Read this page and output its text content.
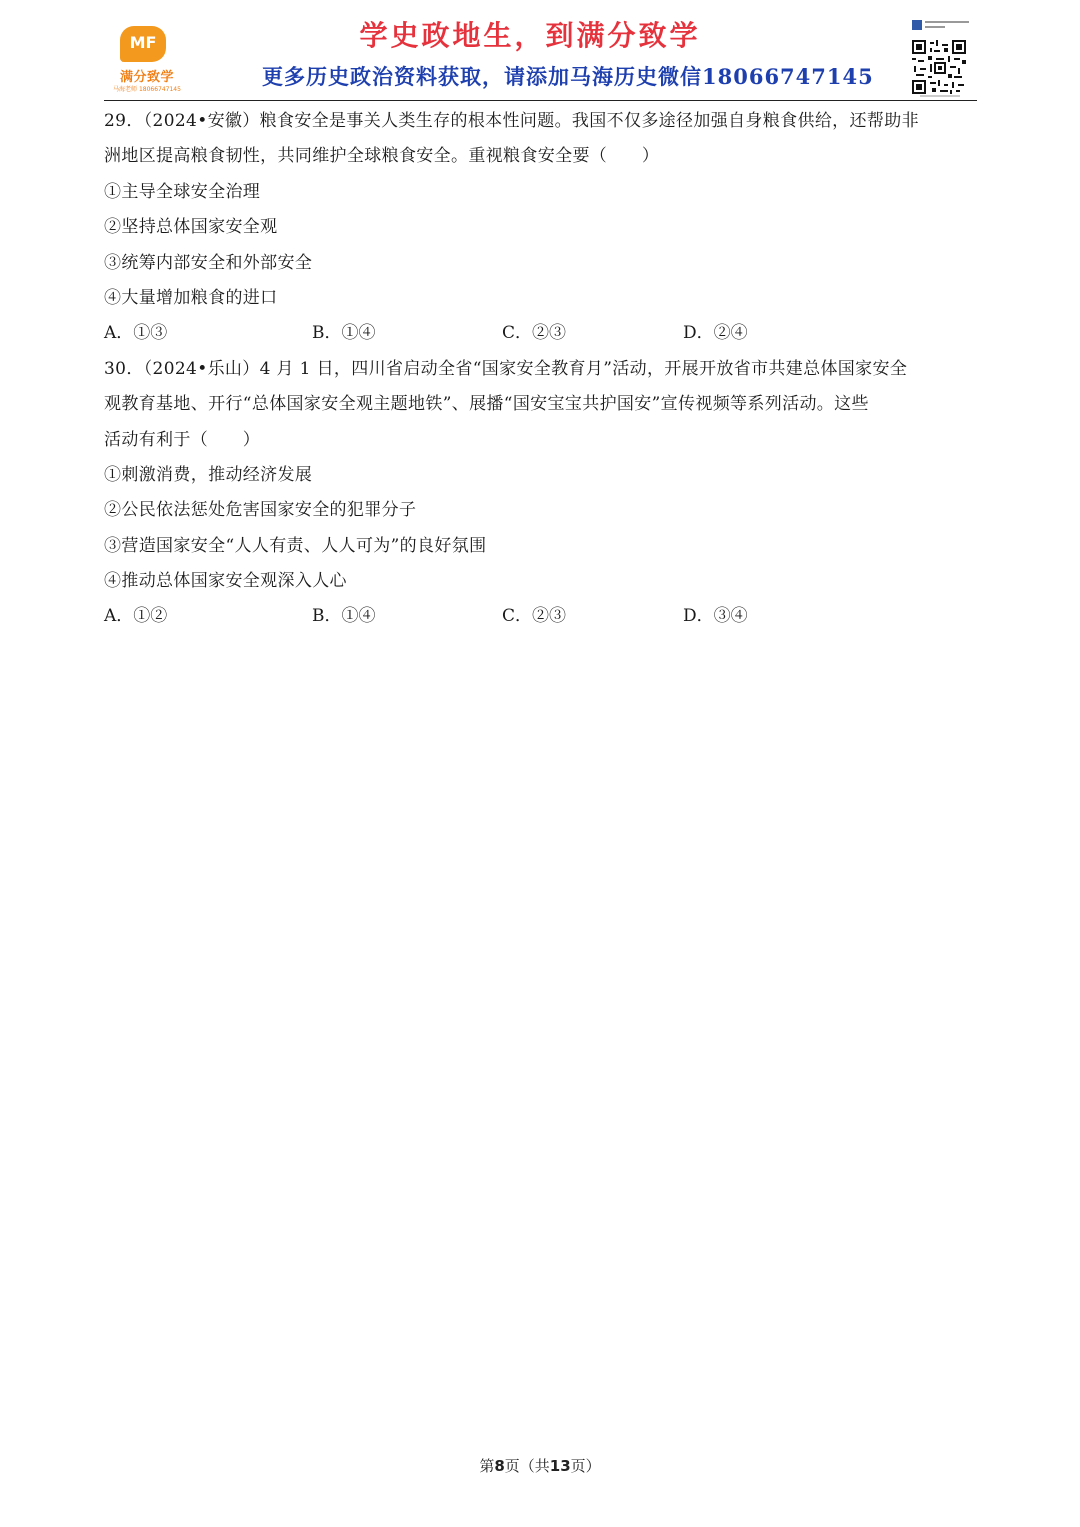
MF
满分致学
马海老师 18066747145
学史政地生，到满分致学
更多历史政治资料获取，请添加马海历史微信18066747145
29．（2024•安徽）粮食安全是事关人类生存的根本性问题。我国不仅多途径加强自身粮食供给，还帮助非
洲地区提高粮食韧性，共同维护全球粮食安全。重视粮食安全要（　　）
①主导全球安全治理
②坚持总体国家安全观
③统筹内部安全和外部安全
④大量增加粮食的进口
A．①③	B．①④	C．②③	D．②④
30．（2024•乐山）4 月 1 日，四川省启动全省“国家安全教育月”活动，开展开放省市共建总体国家安全
观教育基地、开行“总体国家安全观主题地铁”、展播“国安宝宝共护国安”宣传视频等系列活动。这些
活动有利于（　　）
①刺激消费，推动经济发展
②公民依法惩处危害国家安全的犯罪分子
③营造国家安全“人人有责、人人可为”的良好氛围
④推动总体国家安全观深入人心
A．①②	B．①④	C．②③	D．③④
第8页（共13页）
